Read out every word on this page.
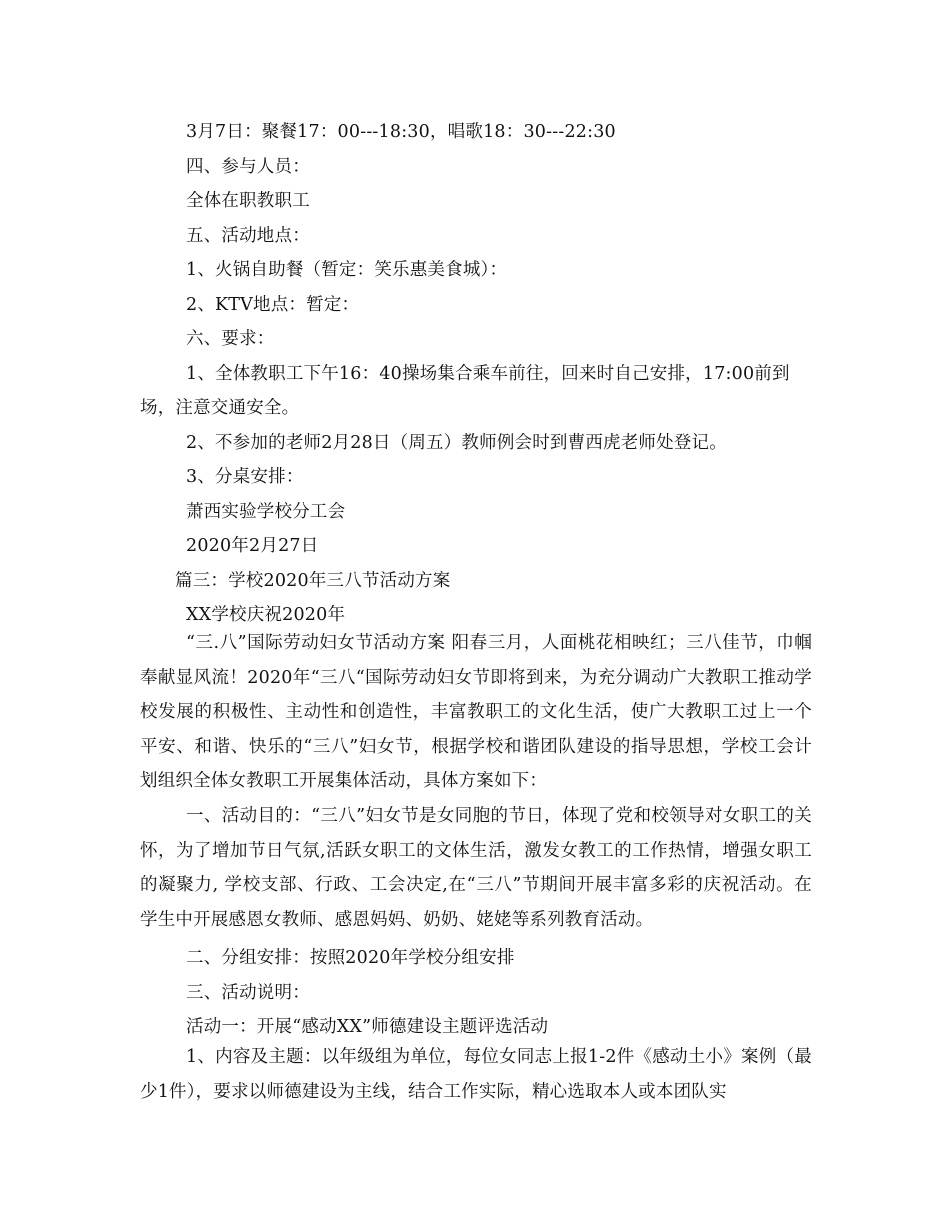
3月7日：聚餐17：00---18:30，唱歌18：30---22:30
四、参与人员：
全体在职教职工
五、活动地点：
1、火锅自助餐（暂定：笑乐惠美食城）：
2、KTV地点：暂定：
六、要求：
1、全体教职工下午16：40操场集合乘车前往，回来时自己安排，17:00前到
场，注意交通安全。
2、不参加的老师2月28日（周五）教师例会时到曹西虎老师处登记。
3、分桌安排：
萧西实验学校分工会
2020年2月27日
篇三：学校2020年三八节活动方案
XX学校庆祝2020年
“三.八”国际劳动妇女节活动方案 阳春三月，人面桃花相映红；三八佳节，巾帼奉献显风流！2020年“三八“国际劳动妇女节即将到来，为充分调动广大教职工推动学校发展的积极性、主动性和创造性，丰富教职工的文化生活，使广大教职工过上一个平安、和谐、快乐的“三八”妇女节，根据学校和谐团队建设的指导思想，学校工会计划组织全体女教职工开展集体活动，具体方案如下：
一、活动目的：“三八”妇女节是女同胞的节日，体现了党和校领导对女职工的关怀，为了增加节日气氛,活跃女职工的文体生活，激发女教工的工作热情，增强女职工的凝聚力, 学校支部、行政、工会决定,在“三八”节期间开展丰富多彩的庆祝活动。在学生中开展感恩女教师、感恩妈妈、奶奶、姥姥等系列教育活动。
二、分组安排：按照2020年学校分组安排
三、活动说明：
活动一：开展“感动XX”师德建设主题评选活动
1、内容及主题：以年级组为单位，每位女同志上报1-2件《感动土小》案例（最少1件），要求以师德建设为主线，结合工作实际，精心选取本人或本团队实
